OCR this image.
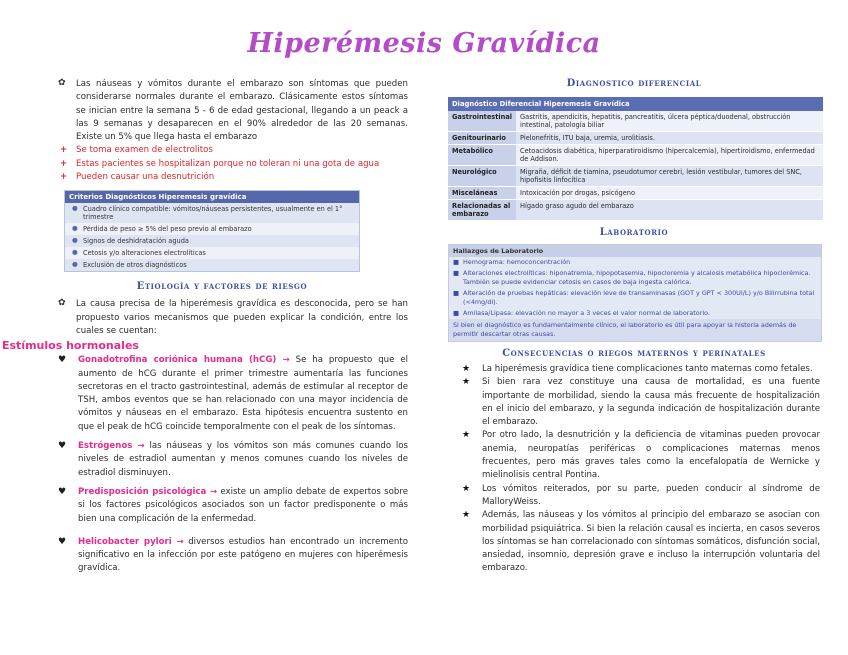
Hiperémesis Gravídica
✿ Las náuseas y vómitos durante el embarazo son síntomas que pueden considerarse normales durante el embarazo. Clásicamente estos síntomas se inician entre la semana 5 - 6 de edad gestacional, llegando a un peack a las 9 semanas y desaparecen en el 90% alrededor de las 20 semanas. Existe un 5% que llega hasta el embarazo

+ Se toma examen de electrolitos
+ Estas pacientes se hospitalizan porque no toleran ni una gota de agua
+ Pueden causar una desnutrición
Criterios Diagnósticos Hiperemesis gravídica
● Cuadro clínico compatible: vómitos/náuseas persistentes, usualmente en el 1° trimestre
● Pérdida de peso ≥ 5% del peso previo al embarazo
● Signos de deshidratación aguda
● Cetosis y/o alteraciones electrolíticas
● Exclusión de otros diagnósticos
Etiología y factores de riesgo
✿ La causa precisa de la hiperémesis gravídica es desconocida, pero se han propuesto varios mecanismos que pueden explicar la condición, entre los cuales se cuentan:

Estímulos hormonales
♥ Gonadotrofina coriónica humana (hCG) → Se ha propuesto que el aumento de hCG durante el primer trimestre aumentaría las funciones secretoras en el tracto gastrointestinal, además de estimular al receptor de TSH, ambos eventos que se han relacionado con una mayor incidencia de vómitos y náuseas en el embarazo. Esta hipótesis encuentra sustento en que el peak de hCG coincide temporalmente con el peak de los síntomas.
♥ Estrógenos → las náuseas y los vómitos son más comunes cuando los niveles de estradiol aumentan y menos comunes cuando los niveles de estradiol disminuyen.
♥ Predisposición psicológica → existe un amplio debate de expertos sobre si los factores psicológicos asociados son un factor predisponente o más bien una complicación de la enfermedad.
♥ Helicobacter pylori → diversos estudios han encontrado un incremento significativo en la infección por este patógeno en mujeres con hiperémesis gravídica.
Diagnostico diferencial
Diagnóstico Diferencial Hiperemesis Gravídica	
Gastrointestinal	Gastritis, apendicitis, hepatitis, pancreatitis, úlcera péptica/duodenal, obstrucción intestinal, patología biliar
Genitourinario	Pielonefritis, ITU baja, uremia, urolitiasis.
Metabólico	Cetoacidosis diabética, hiperparatiroidismo (hipercalcemia), hipertiroidismo, enfermedad de Addison.
Neurológico	Migraña, déficit de tiamina, pseudotumor cerebri, lesión vestibular, tumores del SNC, hipofisitis linfocítica
Misceláneas	Intoxicación por drogas, psicógeno
Relacionadas al embarazo	Hígado graso agudo del embarazo
Laboratorio
Hallazgos de Laboratorio
■ Hemograma: hemoconcentración
■ Alteraciones electrolíticas: hiponatremia, hipopotasemia, hipocloremia y alcalosis metabólica hipoclorémica. También se puede evidenciar cetosis en casos de baja ingesta calórica.
■ Alteración de pruebas hepáticas: elevación leve de transaminasas (GOT y GPT < 300UI/L) y/o Bilirrubina total (<4mg/dl).
■ Amilasa/Lipasa: elevación no mayor a 3 veces el valor normal de laboratorio.
Si bien el diagnóstico es fundamentalmente clínico, el laboratorio es útil para apoyar la historia además de permitir descartar otras causas.
Consecuencias o riegos maternos y perinatales
★ La hiperémesis gravídica tiene complicaciones tanto maternas como fetales.
★ Si bien rara vez constituye una causa de mortalidad, es una fuente importante de morbilidad, siendo la causa más frecuente de hospitalización en el inicio del embarazo, y la segunda indicación de hospitalización durante el embarazo.
★ Por otro lado, la desnutrición y la deficiencia de vitaminas pueden provocar anemia, neuropatías periféricas o complicaciones maternas menos frecuentes, pero más graves tales como la encefalopatía de Wernicke y mielinolisis central Pontina.
★ Los vómitos reiterados, por su parte, pueden conducir al síndrome de MalloryWeiss.
★ Además, las náuseas y los vómitos al principio del embarazo se asocian con morbilidad psiquiátrica. Si bien la relación causal es incierta, en casos severos los síntomas se han correlacionado con síntomas somáticos, disfunción social, ansiedad, insomnio, depresión grave e incluso la interrupción voluntaria del embarazo.
